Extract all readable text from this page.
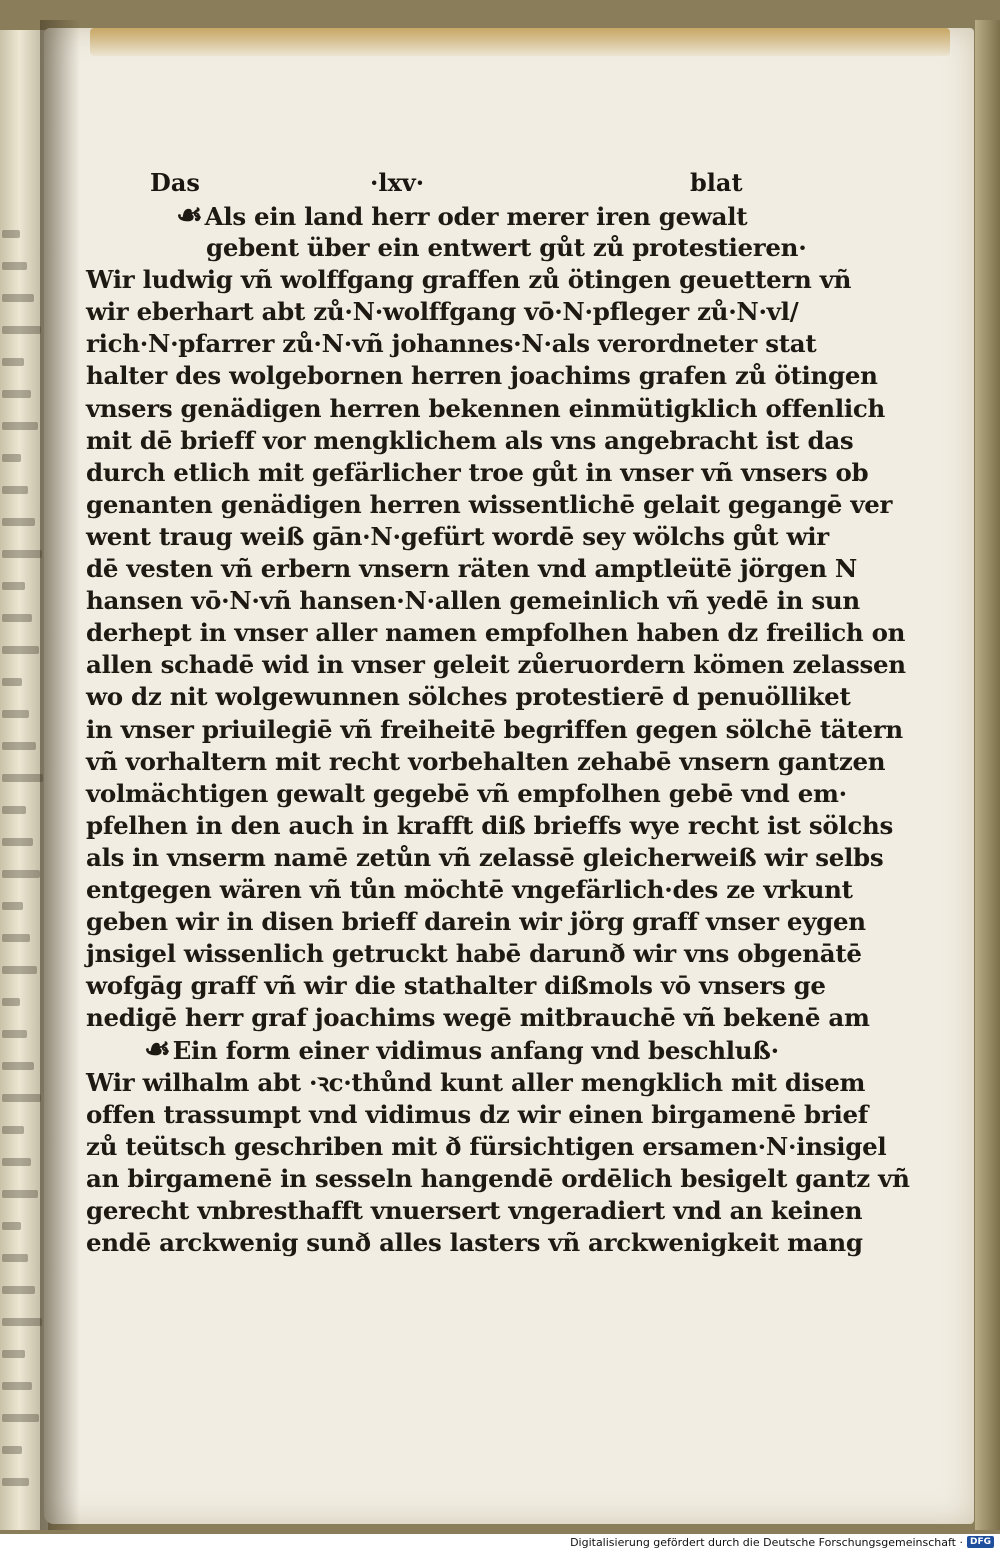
Das	·lxv·	blat
☙Als ein land herr oder merer iren gewalt
gebent über ein entwert gůt zů protestieren·
Wir ludwig vñ wolffgang graffen zů ötingen geuettern vñ
wir eberhart abt zů·N·wolffgang vō·N·pfleger zů·N·vl/
rich·N·pfarrer zů·N·vñ johannes·N·als verordneter stat
halter des wolgebornen herren joachims grafen zů ötingen
vnsers genädigen herren bekennen einmütigklich offenlich
mit dē brieff vor mengklichem als vns angebracht ist das
durch etlich mit gefärlicher troe gůt in vnser vñ vnsers ob
genanten genädigen herren wissentlichē gelait gegangē ver
went traug weiß gān·N·gefürt wordē sey wölchs gůt wir
dē vesten vñ erbern vnsern räten vnd amptleütē jörgen N
hansen vō·N·vñ hansen·N·allen gemeinlich vñ yedē in sun
derhept in vnser aller namen empfolhen haben dz freilich on
allen schadē wid in vnser geleit zůeruordern kömen zelassen
wo dz nit wolgewunnen sölches protestierē d penuölliket
in vnser priuilegiē vñ freiheitē begriffen gegen sölchē tätern
vñ vorhaltern mit recht vorbehalten zehabē vnsern gantzen
volmächtigen gewalt gegebē vñ empfolhen gebē vnd em·
pfelhen in den auch in krafft diß brieffs wye recht ist sölchs
als in vnserm namē zetůn vñ zelassē gleicherweiß wir selbs
entgegen wären vñ tůn möchtē vngefärlich·des ze vrkunt
geben wir in disen brieff darein wir jörg graff vnser eygen
jnsigel wissenlich getruckt habē darunð wir vns obgenātē
wofgāg graff vñ wir die stathalter dißmols vō vnsers ge
nedigē herr graf joachims wegē mitbrauchē vñ bekenē am
☙Ein form einer vidimus anfang vnd beschluß·
Wir wilhalm abt ·ꝛc·thůnd kunt aller mengklich mit disem
offen trassumpt vnd vidimus dz wir einen birgamenē brief
zů teütsch geschriben mit ð fürsichtigen ersamen·N·insigel
an birgamenē in sesseln hangendē ordēlich besigelt gantz vñ
gerecht vnbresthafft vnuersert vngeradiert vnd an keinen
endē arckwenig sunð alles lasters vñ arckwenigkeit mang
Digitalisierung gefördert durch die Deutsche Forschungsgemeinschaft · DFG
